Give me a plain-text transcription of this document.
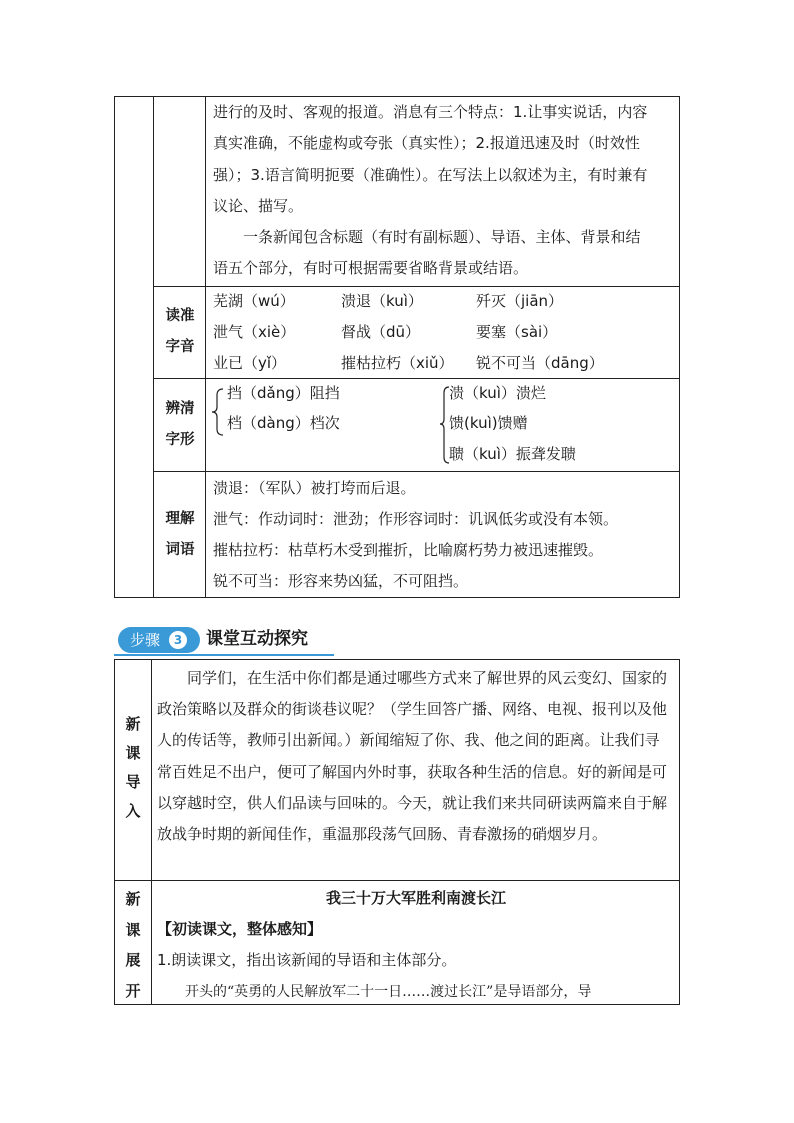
进行的及时、客观的报道。消息有三个特点：1.让事实说话，内容

真实准确，不能虚构或夸张（真实性）；2.报道迅速及时（时效性

强）；3.语言简明扼要（准确性）。在写法上以叙述为主，有时兼有

议论、描写。

一条新闻包含标题（有时有副标题）、导语、主体、背景和结

语五个部分，有时可根据需要省略背景或结语。

读准
字音
芜湖（wú）	溃退（kuì）	歼灭（jiān）
泄气（xiè）	督战（dū）	要塞（sài）
业已（yǐ）	摧枯拉朽（xiǔ） 锐不可当（dāng）
辨清
字形
挡（dǎng）阻挡
档（dàng）档次
溃（kuì）溃烂
馈(kuì)馈赠
聩（kuì）振聋发聩
理解
词语

溃退：（军队）被打垮而后退。

泄气：作动词时：泄劲；作形容词时：讥讽低劣或没有本领。

摧枯拉朽：枯草朽木受到摧折，比喻腐朽势力被迅速摧毁。

锐不可当：形容来势凶猛，不可阻挡。

步骤	3 课堂互动探究
新
课
导
入
同学们，在生活中你们都是通过哪些方式来了解世界的风云变幻、国家的政治策略以及群众的街谈巷议呢？（学生回答广播、网络、电视、报刊以及他人的传话等，教师引出新闻。）新闻缩短了你、我、他之间的距离。让我们寻常百姓足不出户，便可了解国内外时事，获取各种生活的信息。好的新闻是可以穿越时空，供人们品读与回味的。今天，就让我们来共同研读两篇来自于解放战争时期的新闻佳作，重温那段荡气回肠、青春激扬的硝烟岁月。
新
课
展
开
我三十万大军胜利南渡长江
【初读课文，整体感知】
1.朗读课文，指出该新闻的导语和主体部分。
开头的“英勇的人民解放军二十一日……渡过长江”是导语部分，导
